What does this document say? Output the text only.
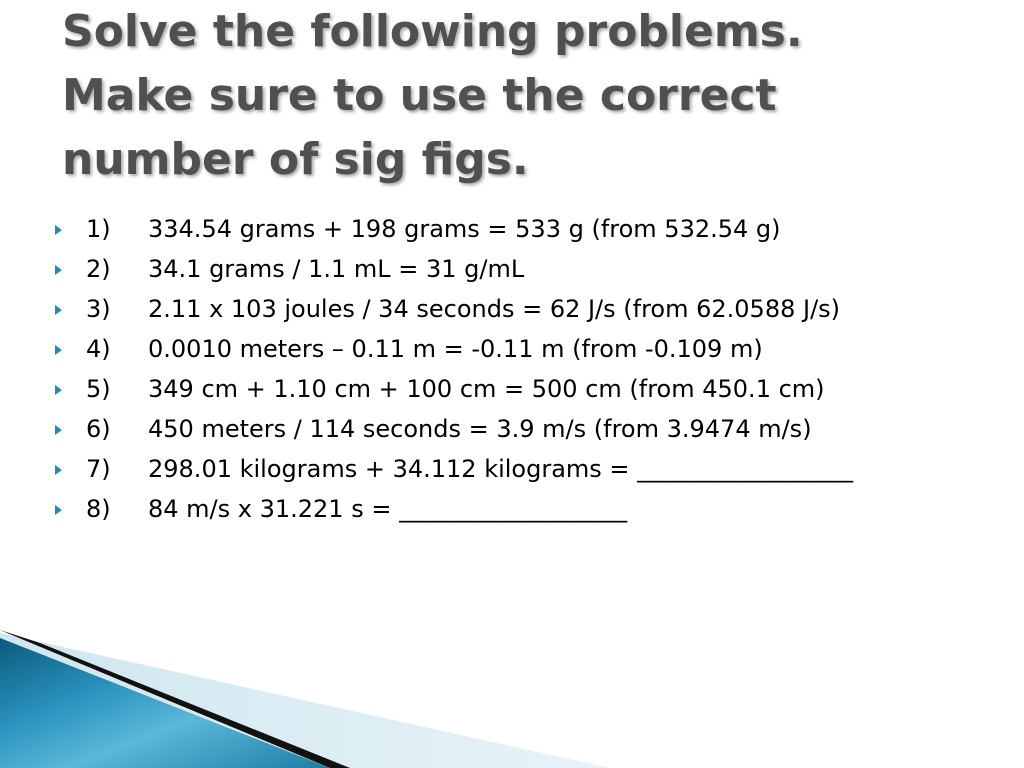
Solve the following problems.
Make sure to use the correct
number of sig figs.
1) 334.54 grams + 198 grams = 533 g (from 532.54 g)
2) 34.1 grams / 1.1 mL = 31 g/mL
3) 2.11 x 103 joules / 34 seconds = 62 J/s (from 62.0588 J/s)
4) 0.0010 meters – 0.11 m = -0.11 m (from -0.109 m)
5) 349 cm + 1.10 cm + 100 cm = 500 cm (from 450.1 cm)
6) 450 meters / 114 seconds = 3.9 m/s (from 3.9474 m/s)
7) 298.01 kilograms + 34.112 kilograms = __________________
8) 84 m/s x 31.221 s = ___________________
